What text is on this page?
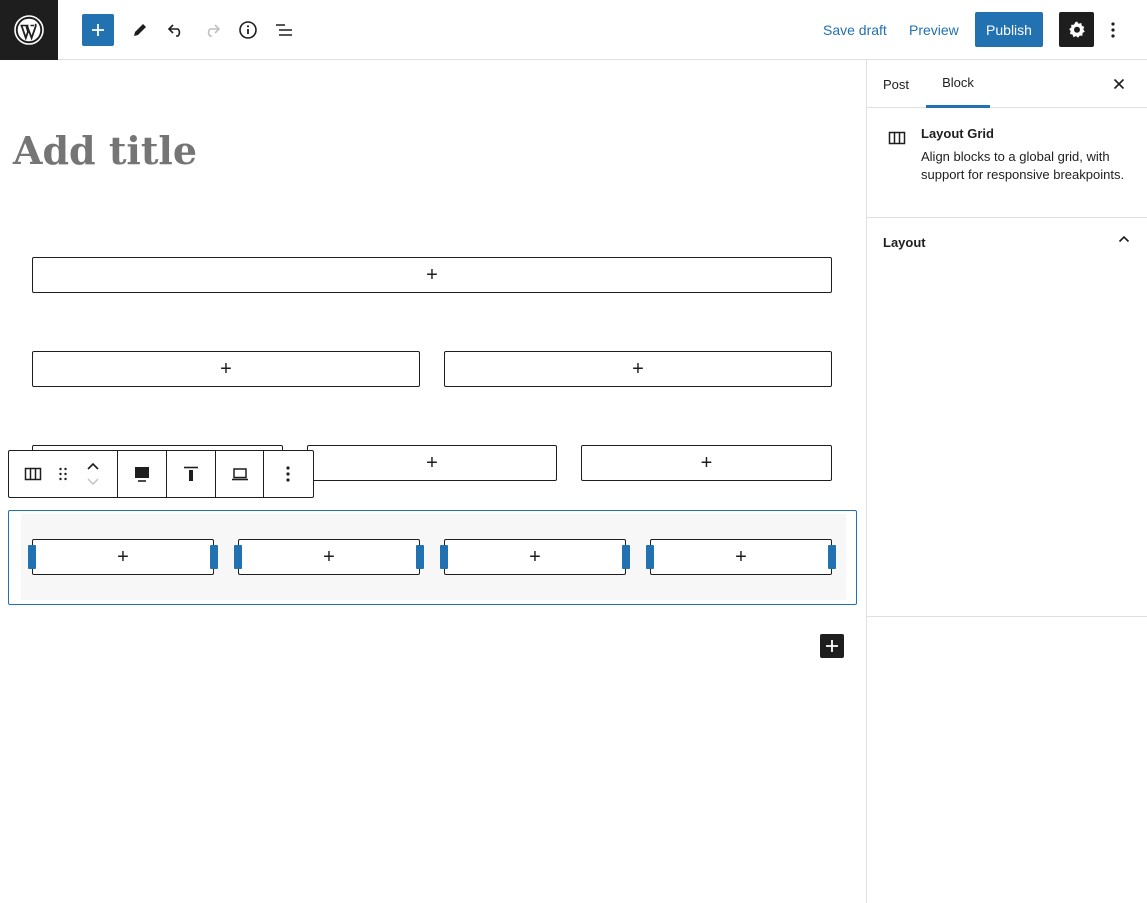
Save draft	Preview	Publish
Add title
+
+	+
+	+
+	+	+	+
Post	Block
Layout Grid
Align blocks to a global grid, with support for responsive breakpoints.
Layout
